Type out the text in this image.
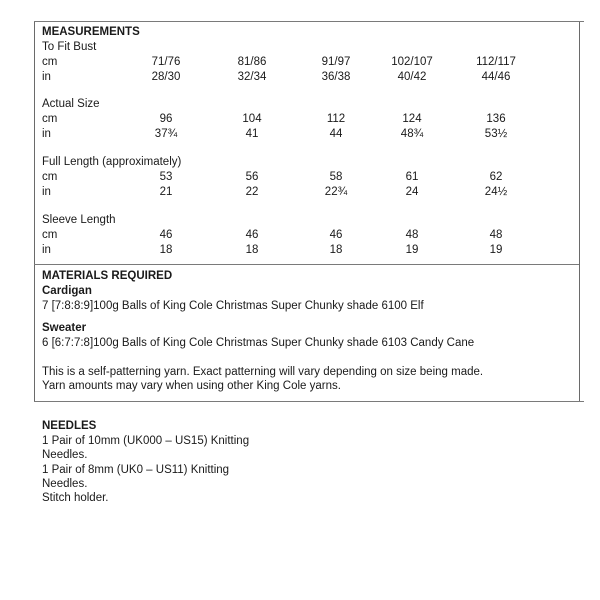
MEASUREMENTS
To Fit Bust
cm	71/76	81/86	91/97	102/107	112/117
in	28/30	32/34	36/38	40/42	44/46
Actual Size
cm	96	104	112	124	136
in	37¾	41	44	48¾	53½
Full Length (approximately)
cm	53	56	58	61	62
in	21	22	22¾	24	24½
Sleeve Length
cm	46	46	46	48	48
in	18	18	18	19	19
MATERIALS REQUIRED
Cardigan
7 [7:8:8:9]100g Balls of King Cole Christmas Super Chunky shade 6100 Elf
Sweater
6 [6:7:7:8]100g Balls of King Cole Christmas Super Chunky shade 6103 Candy Cane
This is a self-patterning yarn. Exact patterning will vary depending on size being made.
Yarn amounts may vary when using other King Cole yarns.
NEEDLES
1 Pair of 10mm (UK000 – US15) Knitting
Needles.
1 Pair of 8mm (UK0 – US11) Knitting
Needles.
Stitch holder.
